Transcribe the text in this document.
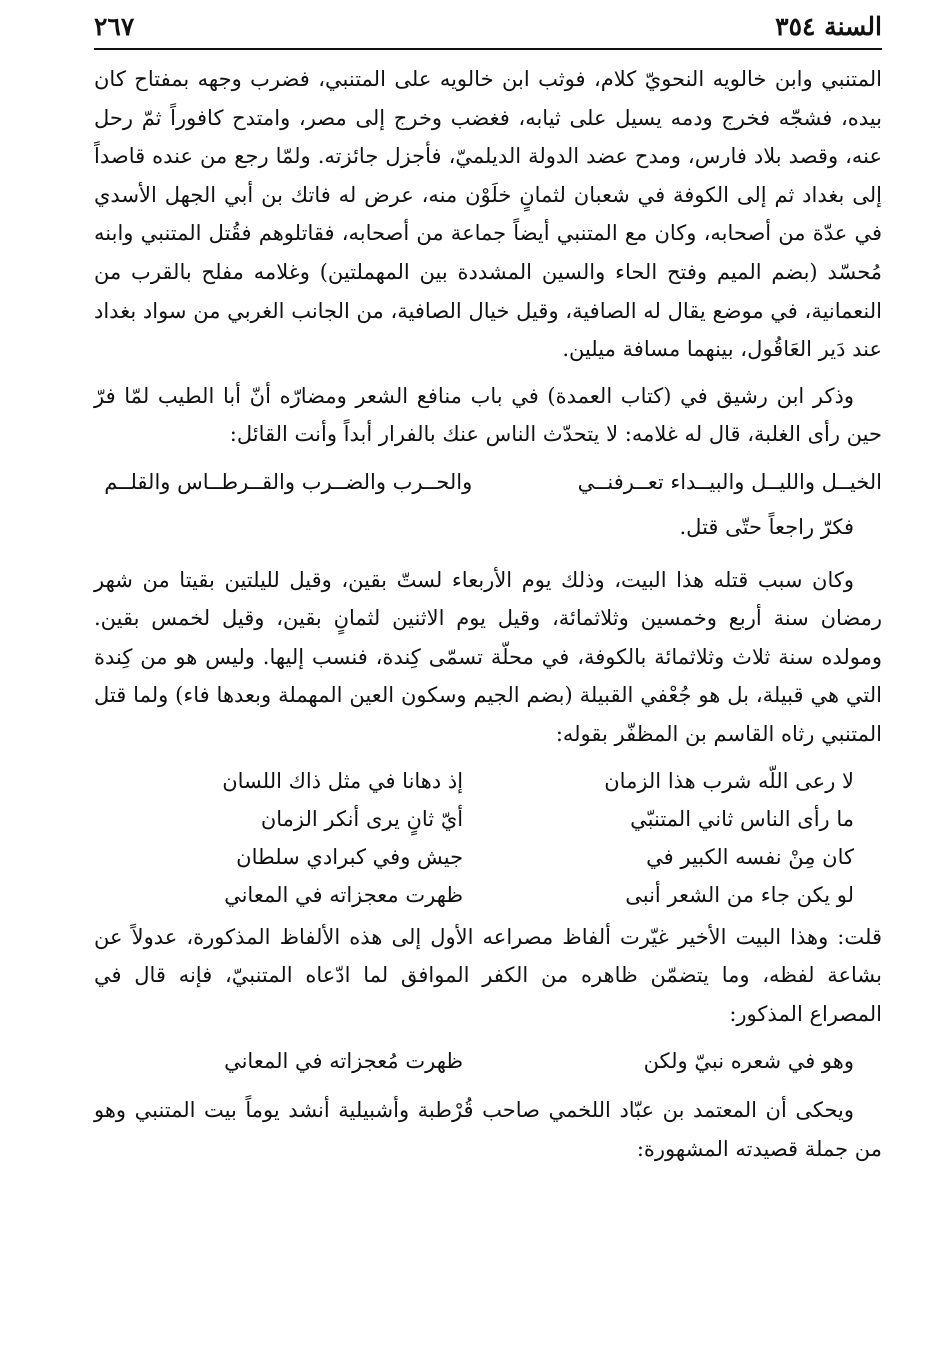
السنة ٣٥٤
٢٦٧

المتنبي وابن خالويه النحويّ كلام، فوثب ابن خالويه على المتنبي، فضرب وجهه بمفتاح كان بيده، فشجّه فخرج ودمه يسيل على ثيابه، فغضب وخرج إلى مصر، وامتدح كافوراً ثمّ رحل عنه، وقصد بلاد فارس، ومدح عضد الدولة الديلميّ، فأجزل جائزته. ولمّا رجع من عنده قاصداً إلى بغداد ثم إلى الكوفة في شعبان لثمانٍ خلَوْن منه، عرض له فاتك بن أبي الجهل الأسدي في عدّة من أصحابه، وكان مع المتنبي أيضاً جماعة من أصحابه، فقاتلوهم فقُتل المتنبي وابنه مُحسّد (بضم الميم وفتح الحاء والسين المشددة بين المهملتين) وغلامه مفلح بالقرب من النعمانية، في موضع يقال له الصافية، وقيل خيال الصافية، من الجانب الغربي من سواد بغداد عند دَير العَاقُول، بينهما مسافة ميلين.

وذكر ابن رشيق في (كتاب العمدة) في باب منافع الشعر ومضارّه أنّ أبا الطيب لمّا فرّ حين رأى الغلبة، قال له غلامه: لا يتحدّث الناس عنك بالفرار أبداً وأنت القائل:

الخيــل والليــل والبيــداء تعــرفنــي
والحــرب والضــرب والقــرطــاس والقلــم

فكرّ راجعاً حتّى قتل.

وكان سبب قتله هذا البيت، وذلك يوم الأربعاء لستّ بقين، وقيل لليلتين بقيتا من شهر رمضان سنة أربع وخمسين وثلاثمائة، وقيل يوم الاثنين لثمانٍ بقين، وقيل لخمس بقين. ومولده سنة ثلاث وثلاثمائة بالكوفة، في محلّة تسمّى كِندة، فنسب إليها. وليس هو من كِندة التي هي قبيلة، بل هو جُعْفي القبيلة (بضم الجيم وسكون العين المهملة وبعدها فاء) ولما قتل المتنبي رثاه القاسم بن المظفّر بقوله:

لا رعى اللّه شرب هذا الزمان
إذ دهانا في مثل ذاك اللسان
ما رأى الناس ثاني المتنبّي
أيّ ثانٍ يرى أنكر الزمان
كان مِنْ نفسه الكبير في
جيش وفي كبرادي سلطان
لو يكن جاء من الشعر أنبى
ظهرت معجزاته في المعاني

قلت: وهذا البيت الأخير غيّرت ألفاظ مصراعه الأول إلى هذه الألفاظ المذكورة، عدولاً عن بشاعة لفظه، وما يتضمّن ظاهره من الكفر الموافق لما ادّعاه المتنبيّ، فإنه قال في المصراع المذكور:

وهو في شعره نبيّ ولكن
ظهرت مُعجزاته في المعاني

ويحكى أن المعتمد بن عبّاد اللخمي صاحب قُرْطبة وأشبيلية أنشد يوماً بيت المتنبي وهو من جملة قصيدته المشهورة:
